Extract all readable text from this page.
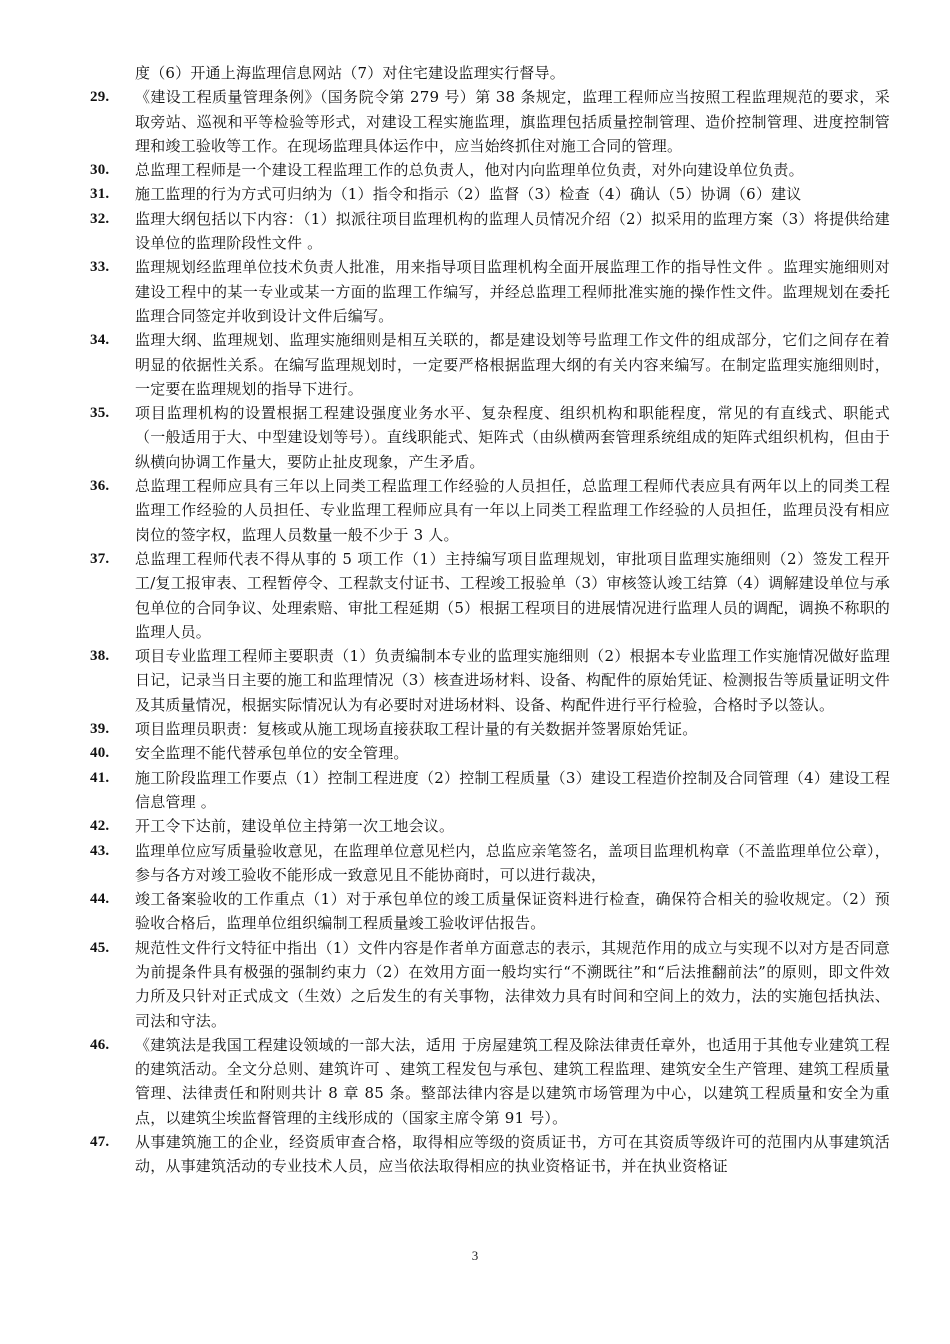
度（6）开通上海监理信息网站（7）对住宅建设监理实行督导。
29.	《建设工程质量管理条例》（国务院令第 279 号）第 38 条规定，监理工程师应当按照工程监理规范的要求，采取旁站、巡视和平等检验等形式，对建设工程实施监理，旗监理包括质量控制管理、造价控制管理、进度控制管理和竣工验收等工作。在现场监理具体运作中，应当始终抓住对施工合同的管理。
30.	总监理工程师是一个建设工程监理工作的总负责人，他对内向监理单位负责，对外向建设单位负责。
31.	施工监理的行为方式可归纳为（1）指令和指示（2）监督（3）检查（4）确认（5）协调（6）建议
32.	监理大纲包括以下内容：（1）拟派往项目监理机构的监理人员情况介绍（2）拟采用的监理方案（3）将提供给建设单位的监理阶段性文件 。
33.	监理规划经监理单位技术负责人批准，用来指导项目监理机构全面开展监理工作的指导性文件 。监理实施细则对建设工程中的某一专业或某一方面的监理工作编写，并经总监理工程师批准实施的操作性文件。监理规划在委托监理合同签定并收到设计文件后编写。
34.	监理大纲、监理规划、监理实施细则是相互关联的，都是建设划等号监理工作文件的组成部分，它们之间存在着明显的依据性关系。在编写监理规划时，一定要严格根据监理大纲的有关内容来编写。在制定监理实施细则时，一定要在监理规划的指导下进行。
35.	项目监理机构的设置根据工程建设强度业务水平、复杂程度、组织机构和职能程度，常见的有直线式、职能式（一般适用于大、中型建设划等号）。直线职能式、矩阵式（由纵横两套管理系统组成的矩阵式组织机构，但由于纵横向协调工作量大，要防止扯皮现象，产生矛盾。
36.	总监理工程师应具有三年以上同类工程监理工作经验的人员担任，总监理工程师代表应具有两年以上的同类工程监理工作经验的人员担任、专业监理工程师应具有一年以上同类工程监理工作经验的人员担任，监理员没有相应岗位的签字权，监理人员数量一般不少于 3 人。
37.	总监理工程师代表不得从事的 5 项工作（1）主持编写项目监理规划，审批项目监理实施细则（2）签发工程开工/复工报审表、工程暂停令、工程款支付证书、工程竣工报验单（3）审核签认竣工结算（4）调解建设单位与承包单位的合同争议、处理索赔、审批工程延期（5）根据工程项目的进展情况进行监理人员的调配，调换不称职的监理人员。
38.	项目专业监理工程师主要职责（1）负责编制本专业的监理实施细则（2）根据本专业监理工作实施情况做好监理日记，记录当日主要的施工和监理情况（3）核查进场材料、设备、构配件的原始凭证、检测报告等质量证明文件及其质量情况，根据实际情况认为有必要时对进场材料、设备、构配件进行平行检验，合格时予以签认。
39.	项目监理员职责：复核或从施工现场直接获取工程计量的有关数据并签署原始凭证。
40.	安全监理不能代替承包单位的安全管理。
41.	施工阶段监理工作要点（1）控制工程进度（2）控制工程质量（3）建设工程造价控制及合同管理（4）建设工程信息管理 。
42.	开工令下达前，建设单位主持第一次工地会议。
43.	监理单位应写质量验收意见，在监理单位意见栏内，总监应亲笔签名，盖项目监理机构章（不盖监理单位公章），参与各方对竣工验收不能形成一致意见且不能协商时，可以进行裁决，
44.	竣工备案验收的工作重点（1）对于承包单位的竣工质量保证资料进行检查，确保符合相关的验收规定。（2）预验收合格后，监理单位组织编制工程质量竣工验收评估报告。
45.	规范性文件行文特征中指出（1）文件内容是作者单方面意志的表示，其规范作用的成立与实现不以对方是否同意为前提条件具有极强的强制约束力（2）在效用方面一般均实行“不溯既往”和“后法推翻前法”的原则，即文件效力所及只针对正式成文（生效）之后发生的有关事物，法律效力具有时间和空间上的效力，法的实施包括执法、司法和守法。
46.	《建筑法是我国工程建设领域的一部大法，适用 于房屋建筑工程及除法律责任章外，也适用于其他专业建筑工程的建筑活动。全文分总则、建筑许可 、建筑工程发包与承包、建筑工程监理、建筑安全生产管理、建筑工程质量管理、法律责任和附则共计 8 章 85 条。整部法律内容是以建筑市场管理为中心，以建筑工程质量和安全为重点，以建筑尘埃监督管理的主线形成的（国家主席令第 91 号）。
47.	从事建筑施工的企业，经资质审查合格，取得相应等级的资质证书，方可在其资质等级许可的范围内从事建筑活动，从事建筑活动的专业技术人员，应当依法取得相应的执业资格证书，并在执业资格证
3
